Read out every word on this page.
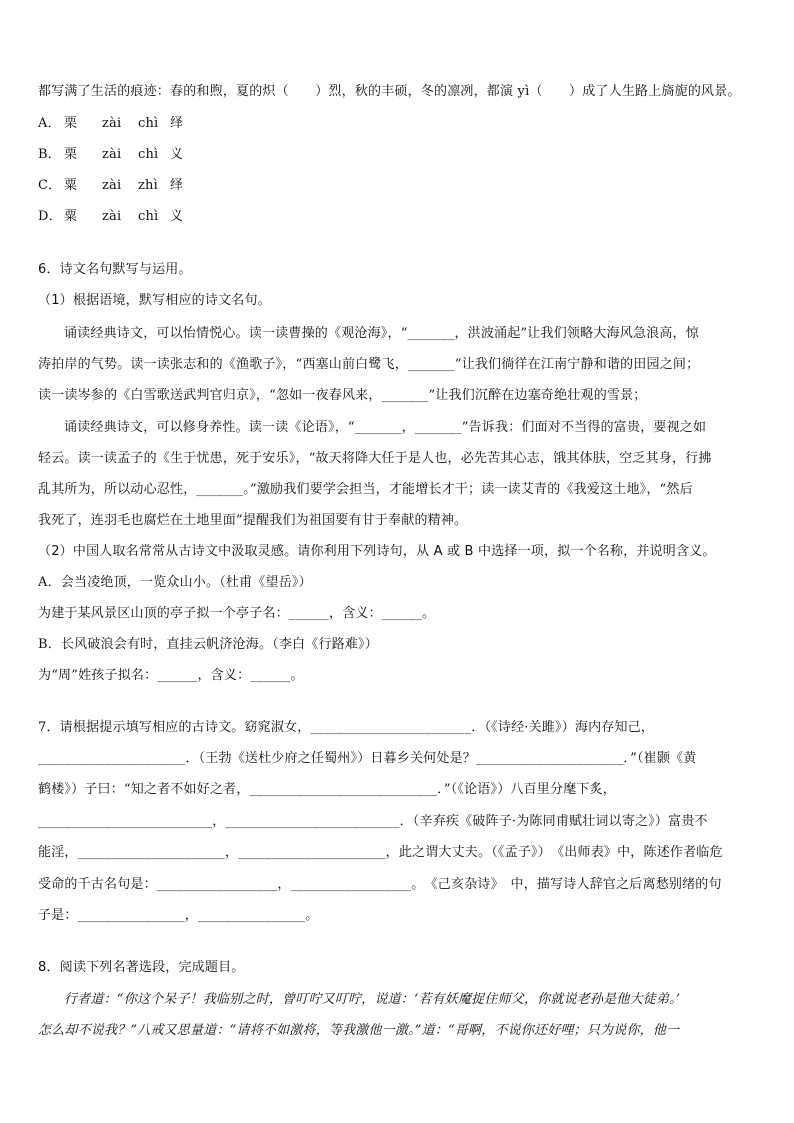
都写满了生活的痕迹：春的和煦，夏的炽（　　）烈，秋的丰硕，冬的凛冽，都演 yì（　　）成了人生路上旖旎的风景。
A． 栗 zài chì 绎
B． 栗 zài chì 义
C． 粟 zài zhì 绎
D． 粟 zài chì 义
6．诗文名句默写与运用。
（1）根据语境，默写相应的诗文名句。
诵读经典诗文，可以怡情悦心。读一读曹操的《观沧海》，“_______，洪波涌起”让我们领略大海风急浪高，惊
涛拍岸的气势。读一读张志和的《渔歌子》，“西塞山前白鹭飞，_______”让我们徜徉在江南宁静和谐的田园之间；
读一读岑参的《白雪歌送武判官归京》，“忽如一夜春风来，_______”让我们沉醉在边塞奇绝壮观的雪景；
诵读经典诗文，可以修身养性。读一读《论语》，“_______，_______”告诉我：们面对不当得的富贵，要视之如
轻云。读一读孟子的《生于忧患，死于安乐》，“故天将降大任于是人也，必先苦其心志，饿其体肤，空乏其身，行拂
乱其所为，所以动心忍性，_______。”激励我们要学会担当，才能增长才干；读一读艾青的《我爱这土地》，“然后
我死了，连羽毛也腐烂在土地里面”提醒我们为祖国要有甘于奉献的精神。
（2）中国人取名常常从古诗文中汲取灵感。请你利用下列诗句，从 A 或 B 中选择一项，拟一个名称，并说明含义。
A．会当凌绝顶，一览众山小。（杜甫《望岳》）
为建于某风景区山顶的亭子拟一个亭子名：______，含义：______。
B．长风破浪会有时，直挂云帆济沧海。（李白《行路难》）
为“周”姓孩子拟名：______，含义：______。
7．请根据提示填写相应的古诗文。窈窕淑女，________________________．（《诗经·关雎》）海内存知己，
______________________．（王勃《送杜少府之任蜀州》）日暮乡关何处是？______________________．”（崔颢《黄
鹤楼》）子曰：“知之者不如好之者，____________________________．”（《论语》）八百里分麾下炙，
__________________________，__________________________．（辛弃疾《破阵子·为陈同甫赋壮词以寄之》）富贵不
能淫，______________________，______________________，此之谓大丈夫。（《孟子》）　《出师表》中，陈述作者临危
受命的千古名句是：__________________，__________________。　《己亥杂诗》　中，描写诗人辞官之后离愁别绪的句
子是：________________，________________。
8．阅读下列名著选段，完成题目。
行者道：“你这个呆子！我临别之时，曾叮咛又叮咛，说道：‘若有妖魔捉住师父，你就说老孙是他大徒弟。’
怎么却不说我？”八戒又思量道：“请将不如激将，等我激他一激。”道：“哥啊，不说你还好哩；只为说你，他一
